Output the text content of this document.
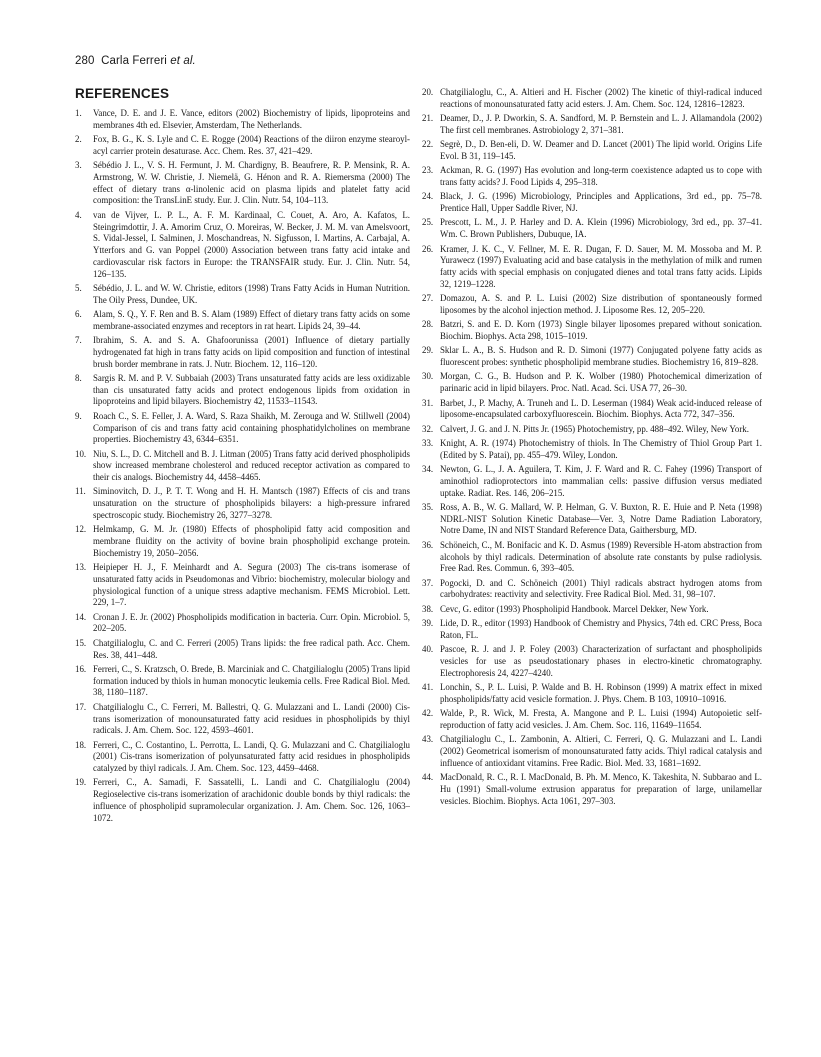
280 Carla Ferreri et al.
REFERENCES

1. Vance, D. E. and J. E. Vance, editors (2002) Biochemistry of lipids, lipoproteins and membranes 4th ed. Elsevier, Amsterdam, The Netherlands.

2. Fox, B. G., K. S. Lyle and C. E. Rogge (2004) Reactions of the diiron enzyme stearoyl-acyl carrier protein desaturase. Acc. Chem. Res. 37, 421–429.

3. Sébédio J. L., V. S. H. Fermunt, J. M. Chardigny, B. Beaufrere, R. P. Mensink, R. A. Armstrong, W. W. Christie, J. Niemelä, G. Hénon and R. A. Riemersma (2000) The effect of dietary trans α-linolenic acid on plasma lipids and platelet fatty acid composition: the TransLinE study. Eur. J. Clin. Nutr. 54, 104–113.

4. van de Vijver, L. P. L., A. F. M. Kardinaal, C. Couet, A. Aro, A. Kafatos, L. Steingrimdottir, J. A. Amorim Cruz, O. Moreiras, W. Becker, J. M. M. van Amelsvoort, S. Vidal-Jessel, I. Salminen, J. Moschandreas, N. Sigfusson, I. Martins, A. Carbajal, A. Ytterfors and G. van Poppel (2000) Association between trans fatty acid intake and cardiovascular risk factors in Europe: the TRANSFAIR study. Eur. J. Clin. Nutr. 54, 126–135.

5. Sébédio, J. L. and W. W. Christie, editors (1998) Trans Fatty Acids in Human Nutrition. The Oily Press, Dundee, UK.

6. Alam, S. Q., Y. F. Ren and B. S. Alam (1989) Effect of dietary trans fatty acids on some membrane-associated enzymes and receptors in rat heart. Lipids 24, 39–44.

7. Ibrahim, S. A. and S. A. Ghafoorunissa (2001) Influence of dietary partially hydrogenated fat high in trans fatty acids on lipid composition and function of intestinal brush border membrane in rats. J. Nutr. Biochem. 12, 116–120.

8. Sargis R. M. and P. V. Subbaiah (2003) Trans unsaturated fatty acids are less oxidizable than cis unsaturated fatty acids and protect endogenous lipids from oxidation in lipoproteins and lipid bilayers. Biochemistry 42, 11533–11543.

9. Roach C., S. E. Feller, J. A. Ward, S. Raza Shaikh, M. Zerouga and W. Stillwell (2004) Comparison of cis and trans fatty acid containing phosphatidylcholines on membrane properties. Biochemistry 43, 6344–6351.

10. Niu, S. L., D. C. Mitchell and B. J. Litman (2005) Trans fatty acid derived phospholipids show increased membrane cholesterol and reduced receptor activation as compared to their cis analogs. Biochemistry 44, 4458–4465.

11. Siminovitch, D. J., P. T. T. Wong and H. H. Mantsch (1987) Effects of cis and trans unsaturation on the structure of phospholipids bilayers: a high-pressure infrared spectroscopic study. Biochemistry 26, 3277–3278.

12. Helmkamp, G. M. Jr. (1980) Effects of phospholipid fatty acid composition and membrane fluidity on the activity of bovine brain phospholipid exchange protein. Biochemistry 19, 2050–2056.

13. Heipieper H. J., F. Meinhardt and A. Segura (2003) The cis-trans isomerase of unsaturated fatty acids in Pseudomonas and Vibrio: biochemistry, molecular biology and physiological function of a unique stress adaptive mechanism. FEMS Microbiol. Lett. 229, 1–7.

14. Cronan J. E. Jr. (2002) Phospholipids modification in bacteria. Curr. Opin. Microbiol. 5, 202–205.

15. Chatgilialoglu, C. and C. Ferreri (2005) Trans lipids: the free radical path. Acc. Chem. Res. 38, 441–448.

16. Ferreri, C., S. Kratzsch, O. Brede, B. Marciniak and C. Chatgilialoglu (2005) Trans lipid formation induced by thiols in human monocytic leukemia cells. Free Radical Biol. Med. 38, 1180–1187.

17. Chatgilialoglu C., C. Ferreri, M. Ballestri, Q. G. Mulazzani and L. Landi (2000) Cis-trans isomerization of monounsaturated fatty acid residues in phospholipids by thiyl radicals. J. Am. Chem. Soc. 122, 4593–4601.

18. Ferreri, C., C. Costantino, L. Perrotta, L. Landi, Q. G. Mulazzani and C. Chatgilialoglu (2001) Cis-trans isomerization of polyunsaturated fatty acid residues in phospholipids catalyzed by thiyl radicals. J. Am. Chem. Soc. 123, 4459–4468.

19. Ferreri, C., A. Samadi, F. Sassatelli, L. Landi and C. Chatgilialoglu (2004) Regioselective cis-trans isomerization of arachidonic double bonds by thiyl radicals: the influence of phospholipid supramolecular organization. J. Am. Chem. Soc. 126, 1063–1072.

20. Chatgilialoglu, C., A. Altieri and H. Fischer (2002) The kinetic of thiyl-radical induced reactions of monounsaturated fatty acid esters. J. Am. Chem. Soc. 124, 12816–12823.

21. Deamer, D., J. P. Dworkin, S. A. Sandford, M. P. Bernstein and L. J. Allamandola (2002) The first cell membranes. Astrobiology 2, 371–381.

22. Segrè, D., D. Ben-eli, D. W. Deamer and D. Lancet (2001) The lipid world. Origins Life Evol. B 31, 119–145.

23. Ackman, R. G. (1997) Has evolution and long-term coexistence adapted us to cope with trans fatty acids? J. Food Lipids 4, 295–318.

24. Black, J. G. (1996) Microbiology, Principles and Applications, 3rd ed., pp. 75–78. Prentice Hall, Upper Saddle River, NJ.

25. Prescott, L. M., J. P. Harley and D. A. Klein (1996) Microbiology, 3rd ed., pp. 37–41. Wm. C. Brown Publishers, Dubuque, IA.

26. Kramer, J. K. C., V. Fellner, M. E. R. Dugan, F. D. Sauer, M. M. Mossoba and M. P. Yurawecz (1997) Evaluating acid and base catalysis in the methylation of milk and rumen fatty acids with special emphasis on conjugated dienes and total trans fatty acids. Lipids 32, 1219–1228.

27. Domazou, A. S. and P. L. Luisi (2002) Size distribution of spontaneously formed liposomes by the alcohol injection method. J. Liposome Res. 12, 205–220.

28. Batzri, S. and E. D. Korn (1973) Single bilayer liposomes prepared without sonication. Biochim. Biophys. Acta 298, 1015–1019.

29. Sklar L. A., B. S. Hudson and R. D. Simoni (1977) Conjugated polyene fatty acids as fluorescent probes: synthetic phospholipid membrane studies. Biochemistry 16, 819–828.

30. Morgan, C. G., B. Hudson and P. K. Wolber (1980) Photochemical dimerization of parinaric acid in lipid bilayers. Proc. Natl. Acad. Sci. USA 77, 26–30.

31. Barbet, J., P. Machy, A. Truneh and L. D. Leserman (1984) Weak acid-induced release of liposome-encapsulated carboxyfluorescein. Biochim. Biophys. Acta 772, 347–356.

32. Calvert, J. G. and J. N. Pitts Jr. (1965) Photochemistry, pp. 488–492. Wiley, New York.

33. Knight, A. R. (1974) Photochemistry of thiols. In The Chemistry of Thiol Group Part 1. (Edited by S. Patai), pp. 455–479. Wiley, London.

34. Newton, G. L., J. A. Aguilera, T. Kim, J. F. Ward and R. C. Fahey (1996) Transport of aminothiol radioprotectors into mammalian cells: passive diffusion versus mediated uptake. Radiat. Res. 146, 206–215.

35. Ross, A. B., W. G. Mallard, W. P. Helman, G. V. Buxton, R. E. Huie and P. Neta (1998) NDRL-NIST Solution Kinetic Database—Ver. 3, Notre Dame Radiation Laboratory, Notre Dame, IN and NIST Standard Reference Data, Gaithersburg, MD.

36. Schöneich, C., M. Bonifacic and K. D. Asmus (1989) Reversible H-atom abstraction from alcohols by thiyl radicals. Determination of absolute rate constants by pulse radiolysis. Free Rad. Res. Commun. 6, 393–405.

37. Pogocki, D. and C. Schöneich (2001) Thiyl radicals abstract hydrogen atoms from carbohydrates: reactivity and selectivity. Free Radical Biol. Med. 31, 98–107.

38. Cevc, G. editor (1993) Phospholipid Handbook. Marcel Dekker, New York.

39. Lide, D. R., editor (1993) Handbook of Chemistry and Physics, 74th ed. CRC Press, Boca Raton, FL.

40. Pascoe, R. J. and J. P. Foley (2003) Characterization of surfactant and phospholipids vesicles for use as pseudostationary phases in electro-kinetic chromatography. Electrophoresis 24, 4227–4240.

41. Lonchin, S., P. L. Luisi, P. Walde and B. H. Robinson (1999) A matrix effect in mixed phospholipids/fatty acid vesicle formation. J. Phys. Chem. B 103, 10910–10916.

42. Walde, P., R. Wick, M. Fresta, A. Mangone and P. L. Luisi (1994) Autopoietic self-reproduction of fatty acid vesicles. J. Am. Chem. Soc. 116, 11649–11654.

43. Chatgilialoglu C., L. Zambonin, A. Altieri, C. Ferreri, Q. G. Mulazzani and L. Landi (2002) Geometrical isomerism of monounsaturated fatty acids. Thiyl radical catalysis and influence of antioxidant vitamins. Free Radic. Biol. Med. 33, 1681–1692.

44. MacDonald, R. C., R. I. MacDonald, B. Ph. M. Menco, K. Takeshita, N. Subbarao and L. Hu (1991) Small-volume extrusion apparatus for preparation of large, unilamellar vesicles. Biochim. Biophys. Acta 1061, 297–303.
